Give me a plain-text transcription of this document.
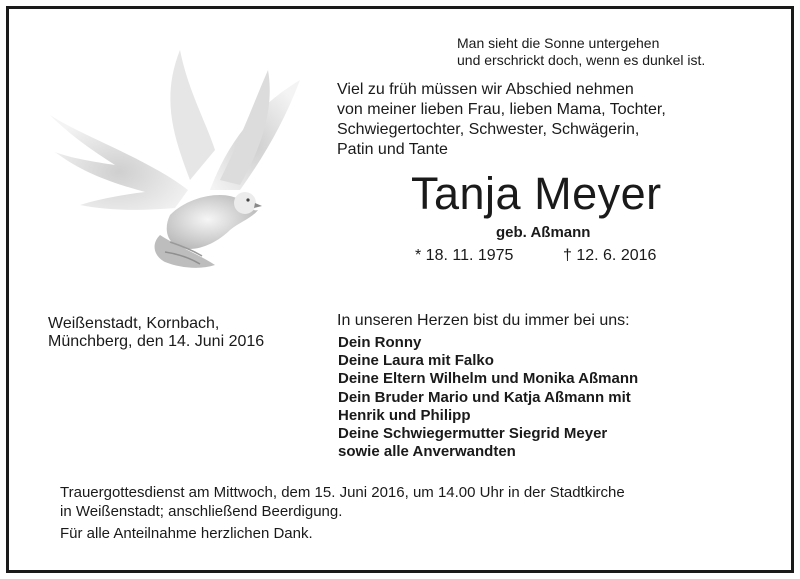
Man sieht die Sonne untergehen
und erschrickt doch, wenn es dunkel ist.
Viel zu früh müssen wir Abschied nehmen
von meiner lieben Frau, lieben Mama, Tochter,
Schwiegertochter, Schwester, Schwägerin,
Patin und Tante
Tanja Meyer
geb. Aßmann
* 18. 11. 1975	† 12. 6. 2016
Weißenstadt, Kornbach,
Münchberg, den 14. Juni 2016
In unseren Herzen bist du immer bei uns:
Dein Ronny
Deine Laura mit Falko
Deine Eltern Wilhelm und Monika Aßmann
Dein Bruder Mario und Katja Aßmann mit
Henrik und Philipp
Deine Schwiegermutter Siegrid Meyer
sowie alle Anverwandten
Trauergottesdienst am Mittwoch, dem 15. Juni 2016, um 14.00 Uhr in der Stadtkirche
in Weißenstadt; anschließend Beerdigung.
Für alle Anteilnahme herzlichen Dank.
